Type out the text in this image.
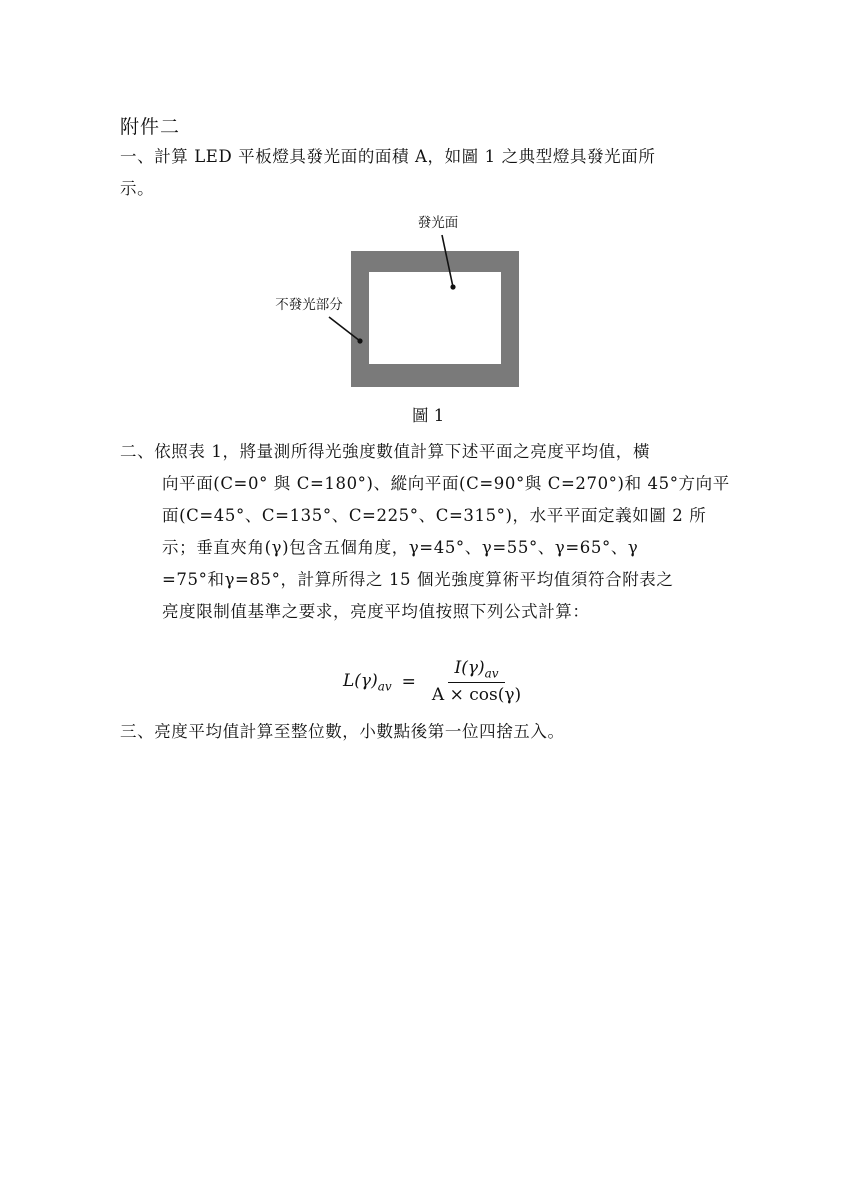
附件二
一、計算 LED 平板燈具發光面的面積 A，如圖 1 之典型燈具發光面所
示。
發光面
不發光部分
圖 1
二、依照表 1，將量測所得光強度數值計算下述平面之亮度平均值，橫
向平面(C=0° 與 C=180°)、縱向平面(C=90°與 C=270°)和 45°方向平
面(C=45°、C=135°、C=225°、C=315°)，水平平面定義如圖 2 所
示；垂直夾角(γ)包含五個角度，γ=45°、γ=55°、γ=65°、γ
=75°和γ=85°，計算所得之 15 個光強度算術平均值須符合附表之
亮度限制值基準之要求，亮度平均值按照下列公式計算：
$L(\gamma)_{av} = \frac{I(\gamma)_{av}}{A \times \cos(\gamma)}$
三、亮度平均值計算至整位數，小數點後第一位四捨五入。
